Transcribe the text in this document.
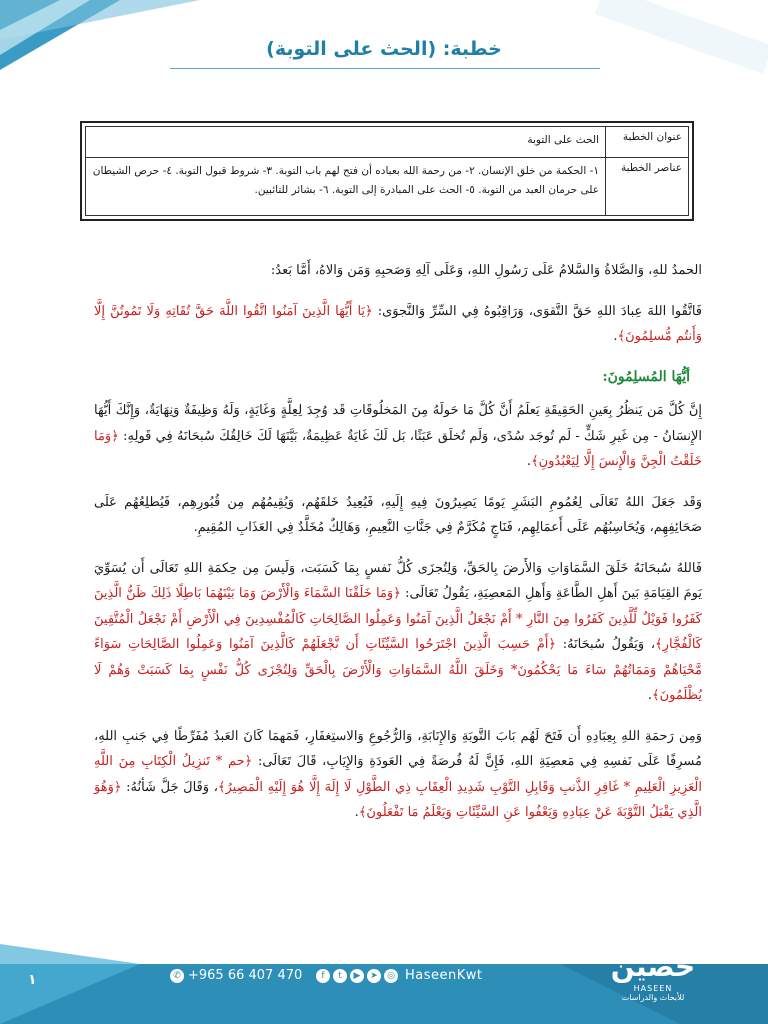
خطبة: (الحث على التوبة)
عنوان الخطبة	الحث على التوبة
عناصر الخطبة	١- الحكمة من خلق الإنسان. ٢- من رحمة الله بعباده أن فتح لهم باب التوبة. ٣- شروط قبول التوبة. ٤- حرص الشيطان على حرمان العبد من التوبة. ٥- الحث على المبادرة إلى التوبة. ٦- بشائر للتائبين.

الحمدُ للهِ، وَالصَّلاةُ وَالسَّلامُ عَلَى رَسُولِ اللهِ، وَعَلَى آلِهِ وَصَحبِهِ وَمَن وَالاهُ، أَمَّا بَعدُ:

فَاتَّقُوا اللهَ عِبادَ اللهِ حَقَّ التَّقوَى، وَرَاقِبُوهُ فِي السِّرِّ وَالنَّجوَى: ﴿يَا أَيُّهَا الَّذِينَ آمَنُوا اتَّقُوا اللَّهَ حَقَّ تُقَاتِهِ وَلَا تَمُوتُنَّ إِلَّا وَأَنتُم مُّسلِمُونَ﴾.

أيُّهَا المُسلِمُونَ:

إِنَّ كُلَّ مَن يَنظُرُ بِعَينِ الحَقِيقَةِ يَعلَمُ أَنَّ كُلَّ مَا حَولَهُ مِنَ المَخلُوقَاتِ قَد وُجِدَ لِعِلَّةٍ وَغَايَةٍ، وَلَهُ وَظِيفَةٌ وَنِهَايَةٌ، وَإِنَّكَ أَيُّهَا الإِنسَانُ - مِن غَيرِ شَكٍّ - لَم تُوجَد سُدًى، وَلَم تُخلَق عَبَثًا، بَل لَكَ غَايَةٌ عَظِيمَةٌ، بَيَّنَهَا لَكَ خَالِقُكَ سُبحَانَهُ فِي قَولِهِ: ﴿وَمَا خَلَقْتُ الْجِنَّ وَالْإِنسَ إِلَّا لِيَعْبُدُونِ﴾.

وَقَد جَعَلَ اللهُ تَعَالَى لِعُمُومِ البَشَرِ يَومًا يَصِيرُونَ فِيهِ إِلَيهِ، فَيُعِيدُ خَلقَهُم، وَيُقِيمُهُم مِن قُبُورِهِم، فَيُطلِعُهُم عَلَى صَحَائِفِهِم، وَيُحَاسِبُهُم عَلَى أَعمَالِهِم، فَنَاجٍ مُكَرَّمٌ فِي جَنَّاتِ النَّعِيمِ، وَهَالِكٌ مُخَلَّدٌ فِي العَذَابِ المُقِيمِ.

فَاللهُ سُبحَانَهُ خَلَقَ السَّمَاوَاتِ وَالأَرضَ بِالحَقِّ، وَلِتُجزَى كُلُّ نَفسٍ بِمَا كَسَبَت، وَلَيسَ مِن حِكمَةِ اللهِ تَعَالَى أَن يُسَوِّيَ يَومَ القِيَامَةِ بَينَ أَهلِ الطَّاعَةِ وَأَهلِ المَعصِيَةِ، يَقُولُ تَعَالَى: ﴿وَمَا خَلَقْنَا السَّمَاءَ وَالْأَرْضَ وَمَا بَيْنَهُمَا بَاطِلًا ذَلِكَ ظَنُّ الَّذِينَ كَفَرُوا فَوَيْلٌ لِّلَّذِينَ كَفَرُوا مِنَ النَّارِ * أَمْ نَجْعَلُ الَّذِينَ آمَنُوا وَعَمِلُوا الصَّالِحَاتِ كَالْمُفْسِدِينَ فِي الْأَرْضِ أَمْ نَجْعَلُ الْمُتَّقِينَ كَالْفُجَّارِ﴾، وَيَقُولُ سُبحَانَهُ: ﴿أَمْ حَسِبَ الَّذِينَ اجْتَرَحُوا السَّيِّئَاتِ أَن نَّجْعَلَهُمْ كَالَّذِينَ آمَنُوا وَعَمِلُوا الصَّالِحَاتِ سَوَاءً مَّحْيَاهُمْ وَمَمَاتُهُمْ سَاءَ مَا يَحْكُمُونَ* وَخَلَقَ اللَّهُ السَّمَاوَاتِ وَالْأَرْضَ بِالْحَقِّ وَلِتُجْزَى كُلُّ نَفْسٍ بِمَا كَسَبَتْ وَهُمْ لَا يُظْلَمُونَ﴾.

وَمِن رَحمَةِ اللهِ بِعِبَادِهِ أَن فَتَحَ لَهُم بَابَ التَّوبَةِ وَالإِنَابَةِ، وَالرُّجُوعِ وَالاستِغفَارِ، فَمَهمَا كَانَ العَبدُ مُفَرِّطًا فِي جَنبِ اللهِ، مُسرِفًا عَلَى نَفسِهِ فِي مَعصِيَةِ اللهِ، فَإِنَّ لَهُ فُرصَةً فِي العَودَةِ وَالإِيَابِ، قَالَ تَعَالَى: ﴿حم * تَنزِيلُ الْكِتَابِ مِنَ اللَّهِ الْعَزِيزِ الْعَلِيمِ * غَافِرِ الذَّنبِ وَقَابِلِ التَّوْبِ شَدِيدِ الْعِقَابِ ذِي الطَّوْلِ لَا إِلَهَ إِلَّا هُوَ إِلَيْهِ الْمَصِيرُ﴾، وَقَالَ جَلَّ شَأنُهُ: ﴿وَهُوَ الَّذِي يَقْبَلُ التَّوْبَةَ عَنْ عِبَادِهِ وَيَعْفُوا عَنِ السَّيِّئَاتِ وَيَعْلَمُ مَا تَفْعَلُونَ﴾.

١	✆ +965 66 407 470	f t ▶ ➤ ◎ HaseenKwt	حصين
HASEEN
للأبحاث والدراسات
